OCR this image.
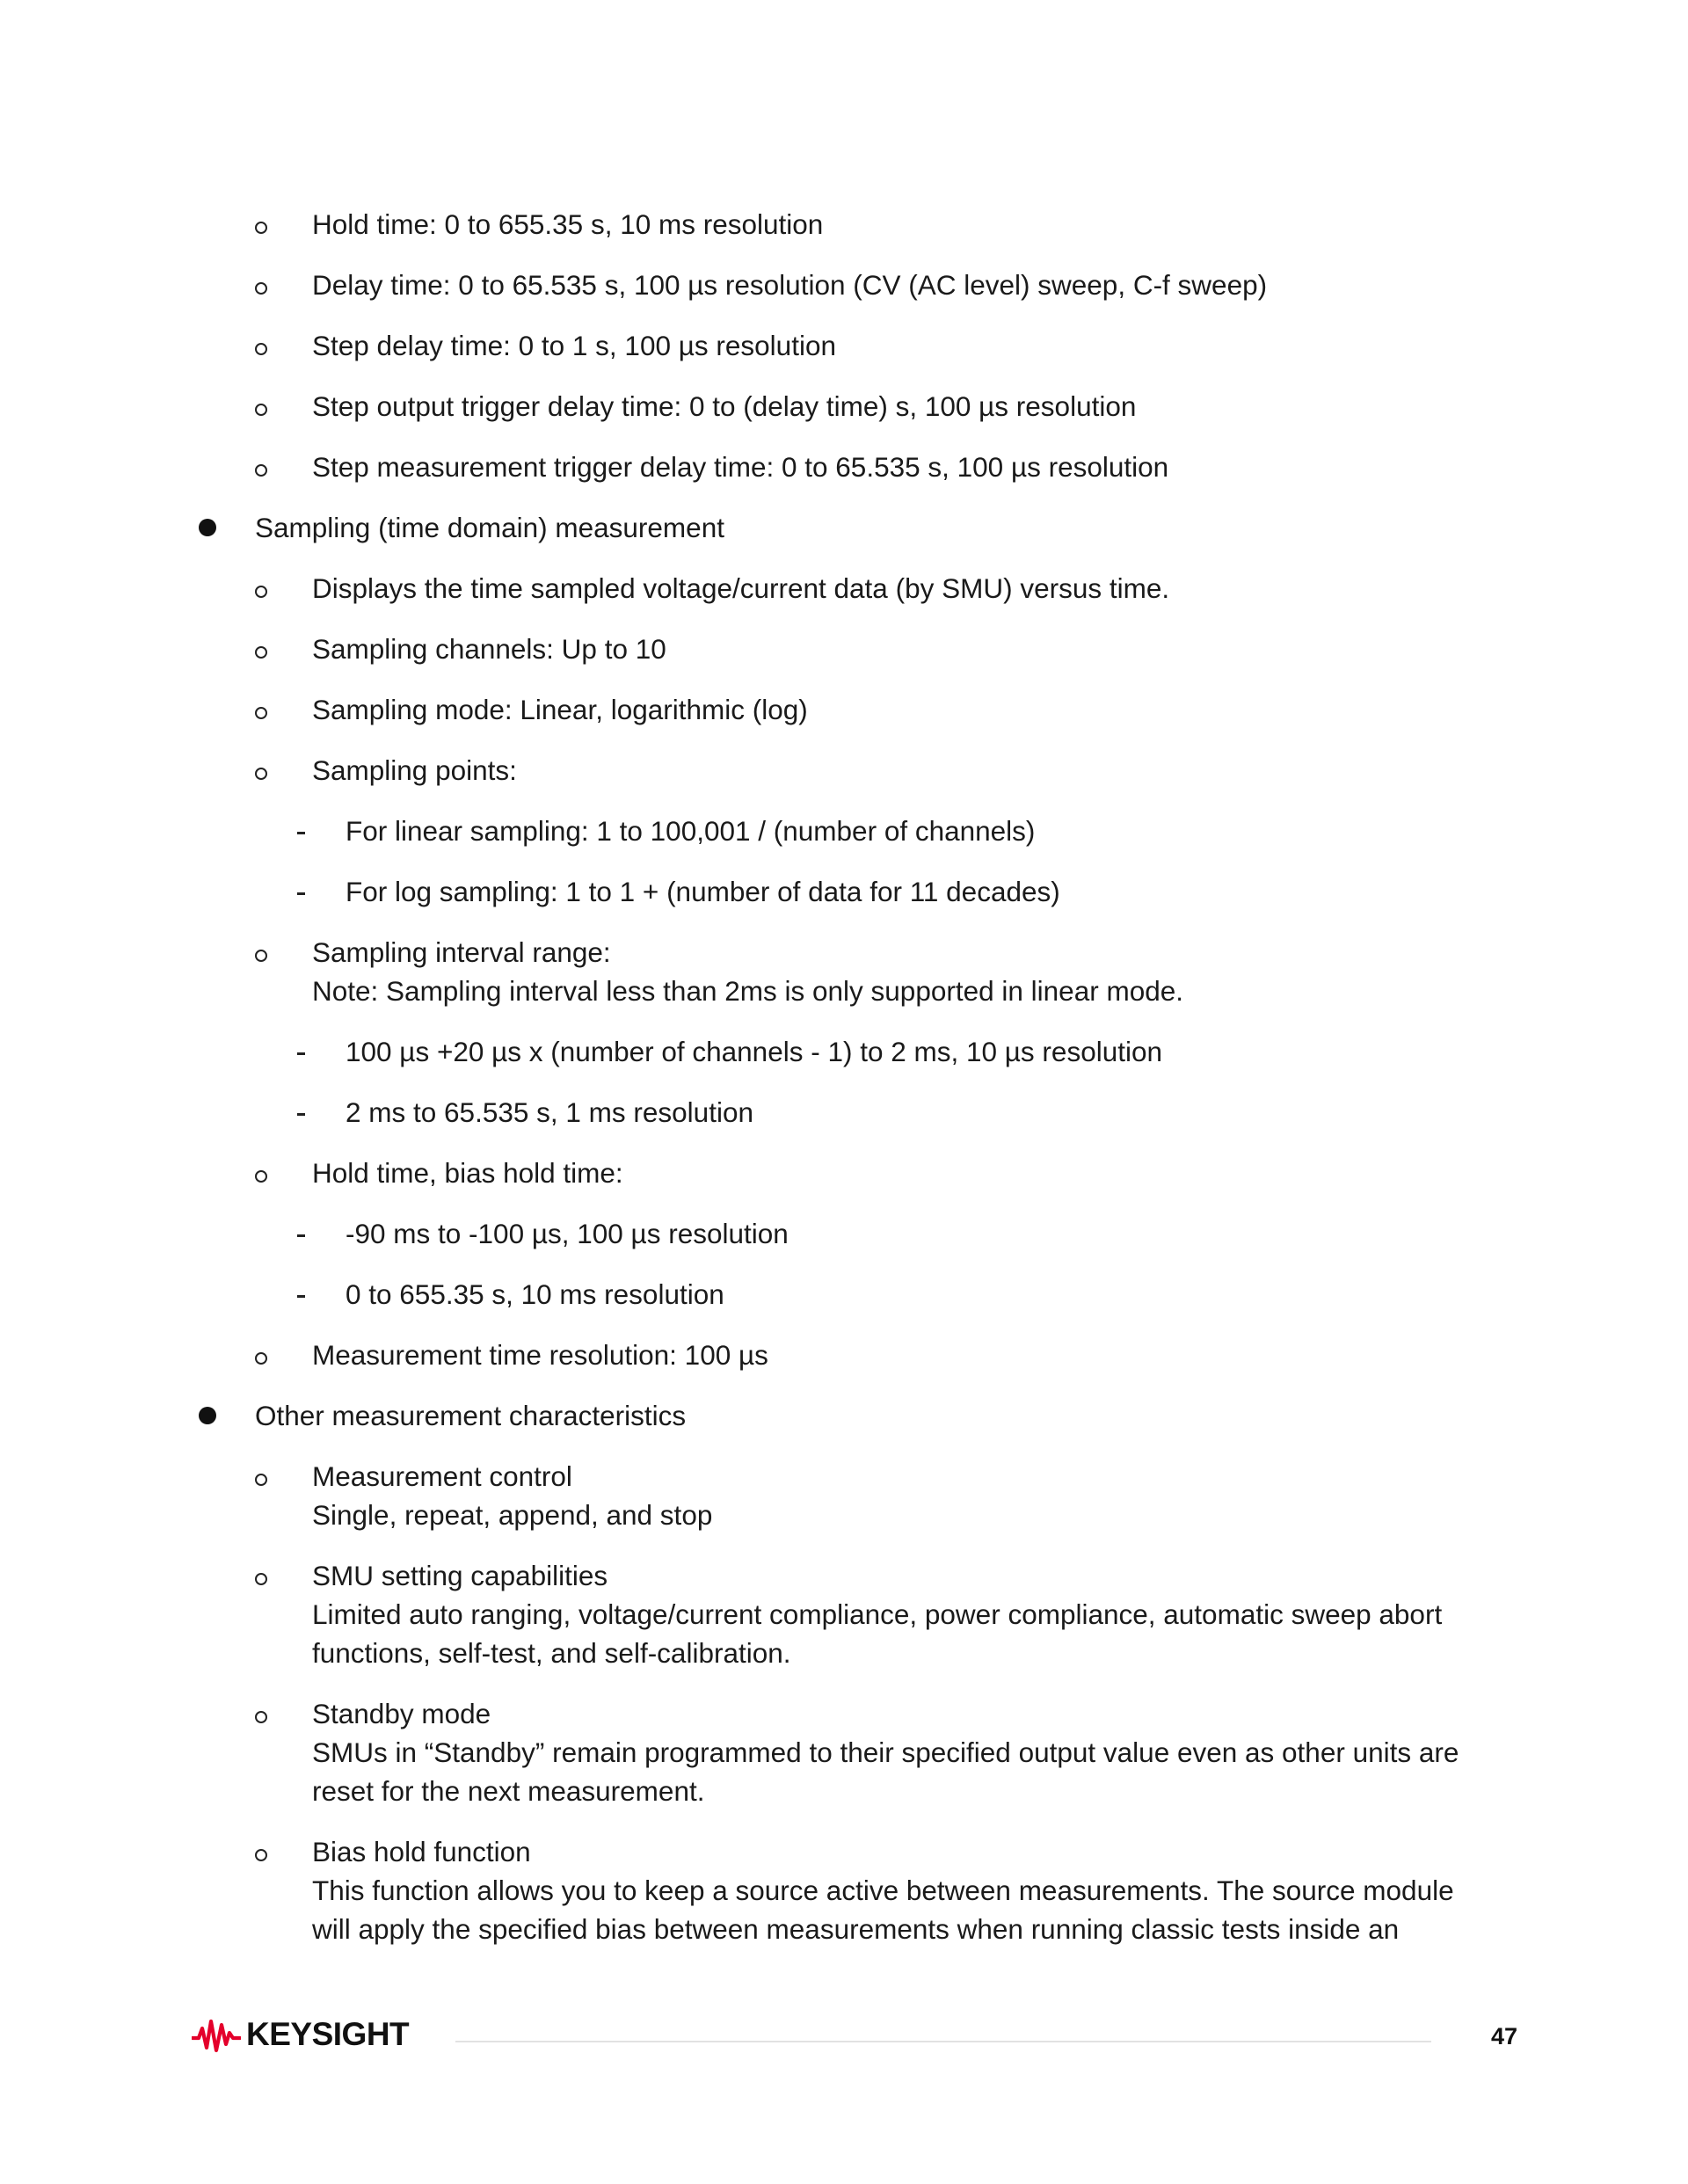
Hold time: 0 to 655.35 s, 10 ms resolution
Delay time: 0 to 65.535 s, 100 µs resolution (CV (AC level) sweep, C-f sweep)
Step delay time: 0 to 1 s, 100 µs resolution
Step output trigger delay time: 0 to (delay time) s, 100 µs resolution
Step measurement trigger delay time: 0 to 65.535 s, 100 µs resolution
Sampling (time domain) measurement
Displays the time sampled voltage/current data (by SMU) versus time.
Sampling channels: Up to 10
Sampling mode: Linear, logarithmic (log)
Sampling points:
For linear sampling: 1 to 100,001 / (number of channels)
For log sampling: 1 to 1 + (number of data for 11 decades)
Sampling interval range:
Note: Sampling interval less than 2ms is only supported in linear mode.
100 µs +20 µs x (number of channels - 1) to 2 ms, 10 µs resolution
2 ms to 65.535 s, 1 ms resolution
Hold time, bias hold time:
-90 ms to -100 µs, 100 µs resolution
0 to 655.35 s, 10 ms resolution
Measurement time resolution: 100 µs
Other measurement characteristics
Measurement control
Single, repeat, append, and stop
SMU setting capabilities
Limited auto ranging, voltage/current compliance, power compliance, automatic sweep abort
functions, self-test, and self-calibration.
Standby mode
SMUs in “Standby” remain programmed to their specified output value even as other units are
reset for the next measurement.
Bias hold function
This function allows you to keep a source active between measurements. The source module
will apply the specified bias between measurements when running classic tests inside an
KEYSIGHT	47
